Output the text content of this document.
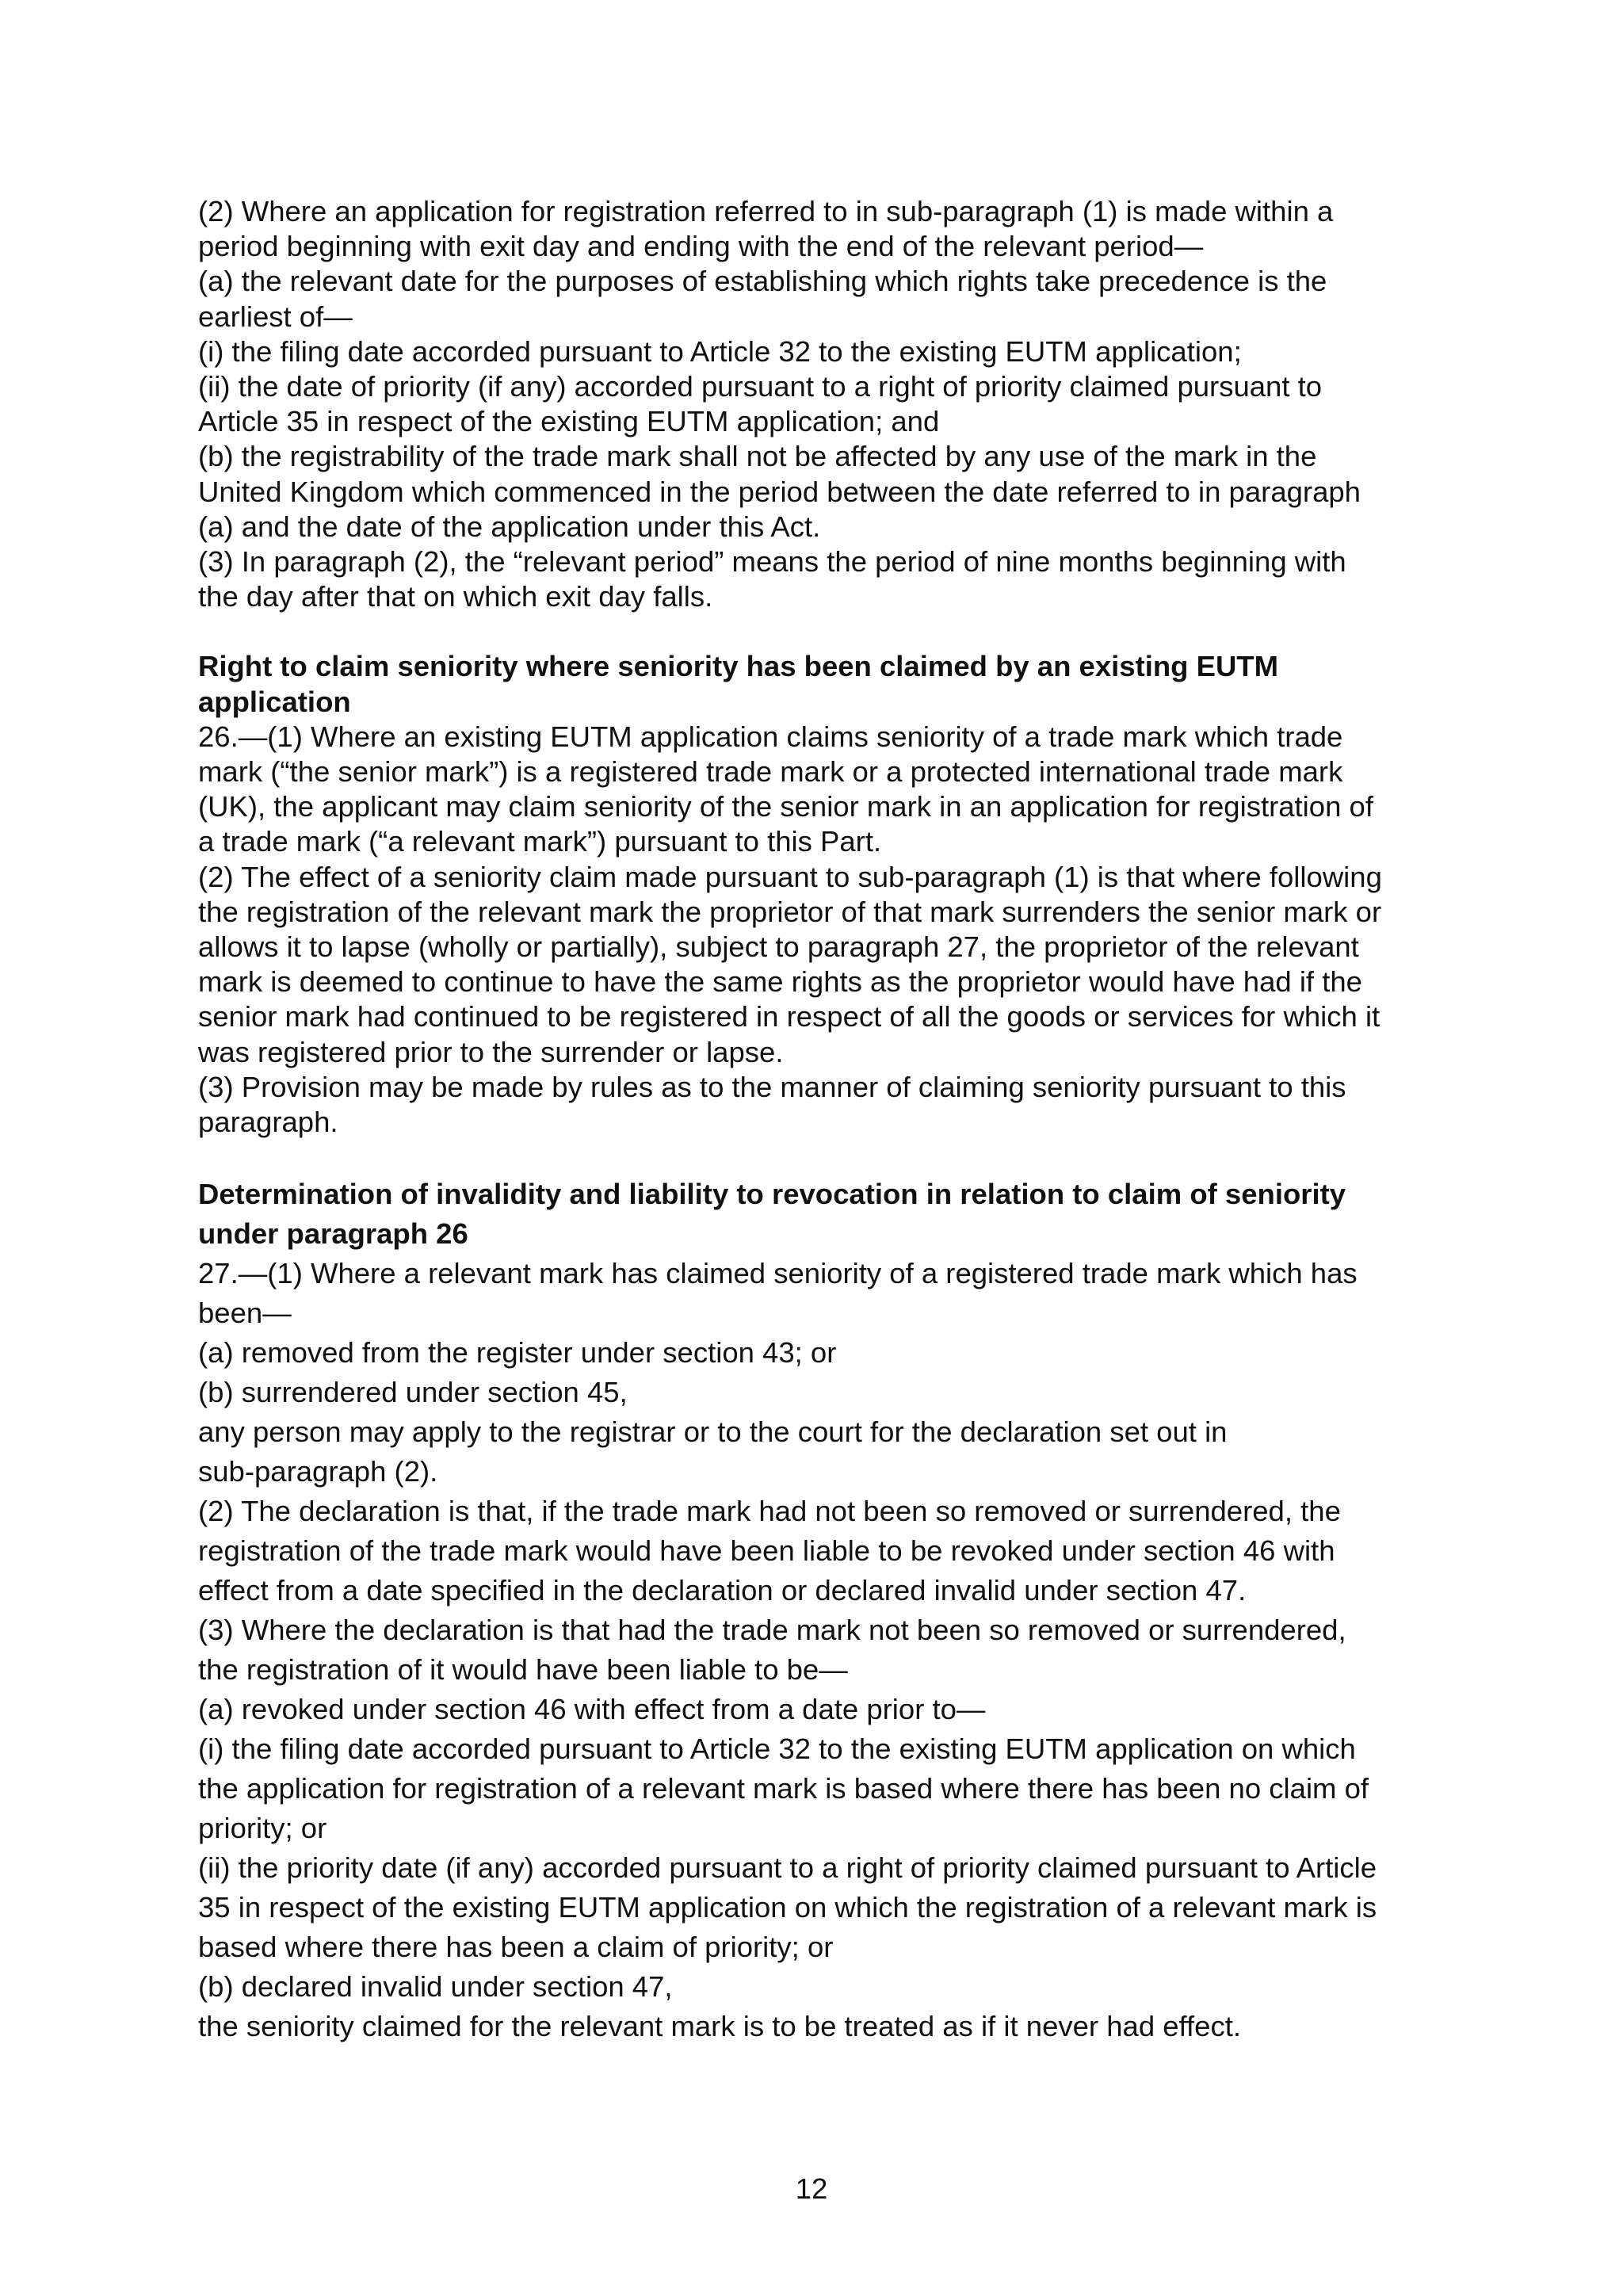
(2) Where an application for registration referred to in sub-paragraph (1) is made within a

period beginning with exit day and ending with the end of the relevant period—

(a) the relevant date for the purposes of establishing which rights take precedence is the

earliest of—

(i) the filing date accorded pursuant to Article 32 to the existing EUTM application;

(ii) the date of priority (if any) accorded pursuant to a right of priority claimed pursuant to

Article 35 in respect of the existing EUTM application; and

(b) the registrability of the trade mark shall not be affected by any use of the mark in the

United Kingdom which commenced in the period between the date referred to in paragraph

(a) and the date of the application under this Act.

(3) In paragraph (2), the “relevant period” means the period of nine months beginning with

the day after that on which exit day falls.

Right to claim seniority where seniority has been claimed by an existing EUTM

application

26.—(1) Where an existing EUTM application claims seniority of a trade mark which trade

mark (“the senior mark”) is a registered trade mark or a protected international trade mark

(UK), the applicant may claim seniority of the senior mark in an application for registration of

a trade mark (“a relevant mark”) pursuant to this Part.

(2) The effect of a seniority claim made pursuant to sub-paragraph (1) is that where following

the registration of the relevant mark the proprietor of that mark surrenders the senior mark or

allows it to lapse (wholly or partially), subject to paragraph 27, the proprietor of the relevant

mark is deemed to continue to have the same rights as the proprietor would have had if the

senior mark had continued to be registered in respect of all the goods or services for which it

was registered prior to the surrender or lapse.

(3) Provision may be made by rules as to the manner of claiming seniority pursuant to this

paragraph.

Determination of invalidity and liability to revocation in relation to claim of seniority

under paragraph 26

27.—(1) Where a relevant mark has claimed seniority of a registered trade mark which has

been—

(a) removed from the register under section 43; or

(b) surrendered under section 45,

any person may apply to the registrar or to the court for the declaration set out in

sub-paragraph (2).

(2) The declaration is that, if the trade mark had not been so removed or surrendered, the

registration of the trade mark would have been liable to be revoked under section 46 with

effect from a date specified in the declaration or declared invalid under section 47.

(3) Where the declaration is that had the trade mark not been so removed or surrendered,

the registration of it would have been liable to be—

(a) revoked under section 46 with effect from a date prior to—

(i) the filing date accorded pursuant to Article 32 to the existing EUTM application on which

the application for registration of a relevant mark is based where there has been no claim of

priority; or

(ii) the priority date (if any) accorded pursuant to a right of priority claimed pursuant to Article

35 in respect of the existing EUTM application on which the registration of a relevant mark is

based where there has been a claim of priority; or

(b) declared invalid under section 47,

the seniority claimed for the relevant mark is to be treated as if it never had effect.

12
